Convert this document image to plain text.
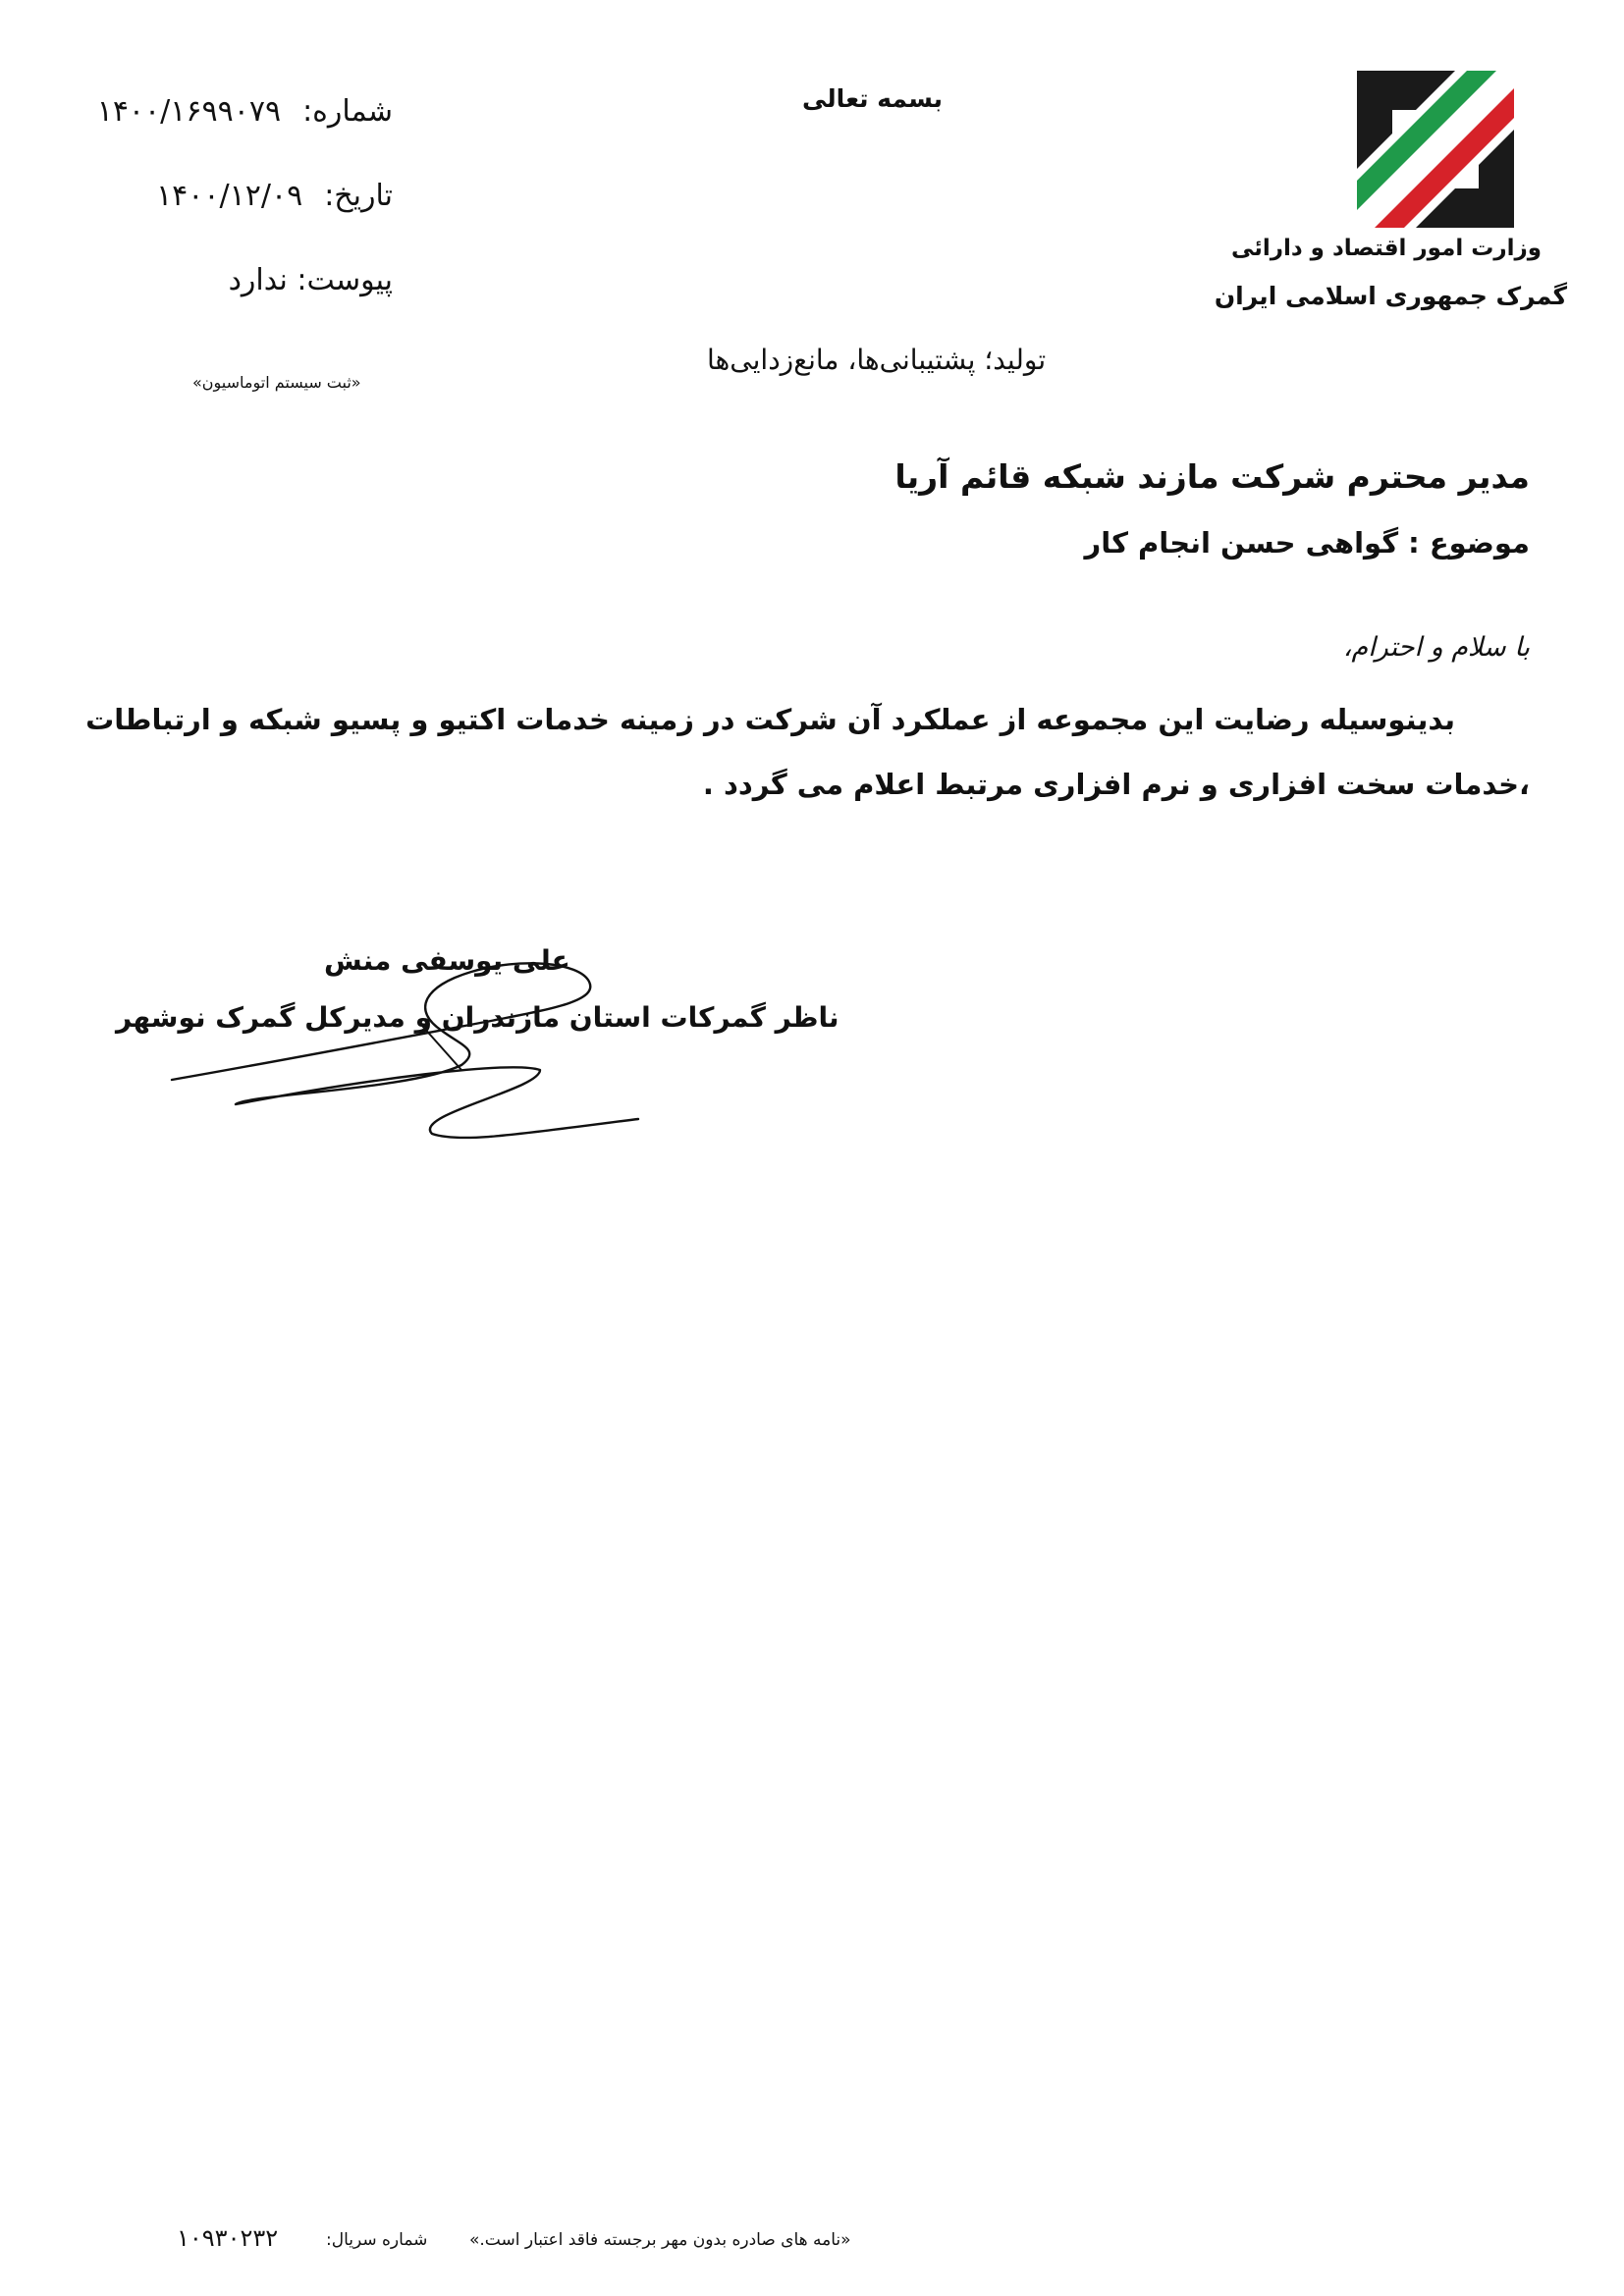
وزارت امور اقتصاد و دارائی
گمرک جمهوری اسلامی ایران
بسمه تعالی
شماره:۱۴۰۰/۱۶۹۹۰۷۹
تاریخ:۱۴۰۰/۱۲/۰۹
پیوست: ندارد
«ثبت سیستم اتوماسیون»
تولید؛ پشتیبانی‌ها، مانع‌زدایی‌ها
مدیر محترم شرکت مازند شبکه قائم آریا
موضوع : گواهی حسن انجام کار
با سلام و احترام،
بدینوسیله رضایت این مجموعه از عملکرد آن شرکت در زمینه خدمات اکتیو و پسیو شبکه و ارتباطات
،خدمات سخت افزاری و نرم افزاری مرتبط اعلام می گردد .
علی یوسفی منش
ناظر گمرکات استان مازندران و مدیرکل گمرک نوشهر
«نامه های صادره بدون مهر برجسته فاقد اعتبار است.»
شماره سریال:
۱۰۹۳۰۲۳۲
